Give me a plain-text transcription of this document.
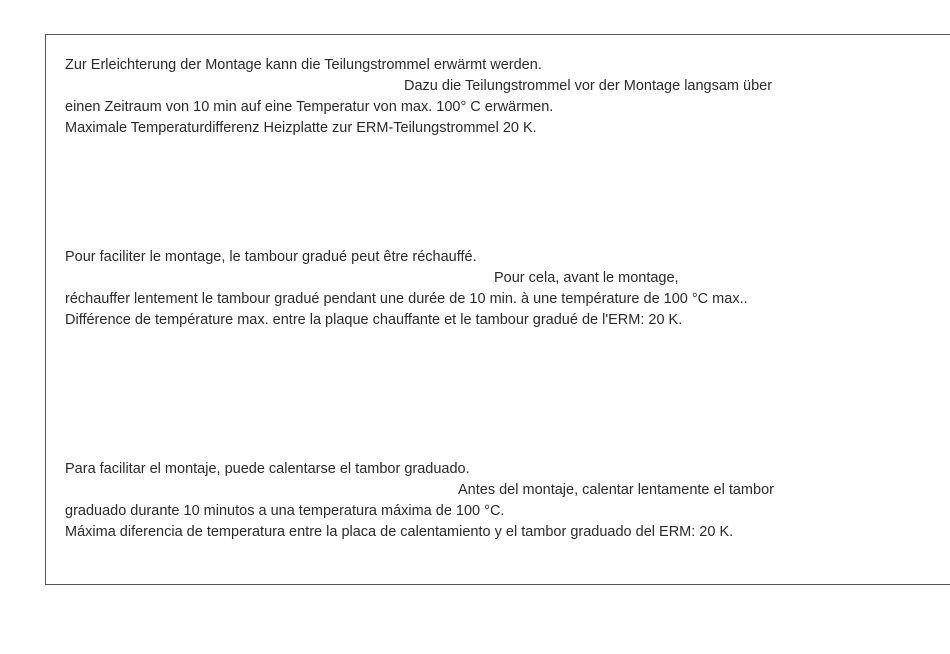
Zur Erleichterung der Montage kann die Teilungstrommel erwärmt werden.
Dazu die Teilungstrommel vor der Montage langsam über
einen Zeitraum von 10 min auf eine Temperatur von max. 100° C erwärmen.
Maximale Temperaturdifferenz Heizplatte zur ERM-Teilungstrommel 20 K.
Pour faciliter le montage, le tambour gradué peut être réchauffé.
Pour cela, avant le montage,
réchauffer lentement le tambour gradué pendant une durée de 10 min. à une température de 100 °C max..
Différence de température max. entre la plaque chauffante et le tambour gradué de l'ERM: 20 K.
Para facilitar el montaje, puede calentarse el tambor graduado.
Antes del montaje, calentar lentamente el tambor
graduado durante 10 minutos a una temperatura máxima de 100 °C.
Máxima diferencia de temperatura entre la placa de calentamiento y el tambor graduado del ERM: 20 K.
